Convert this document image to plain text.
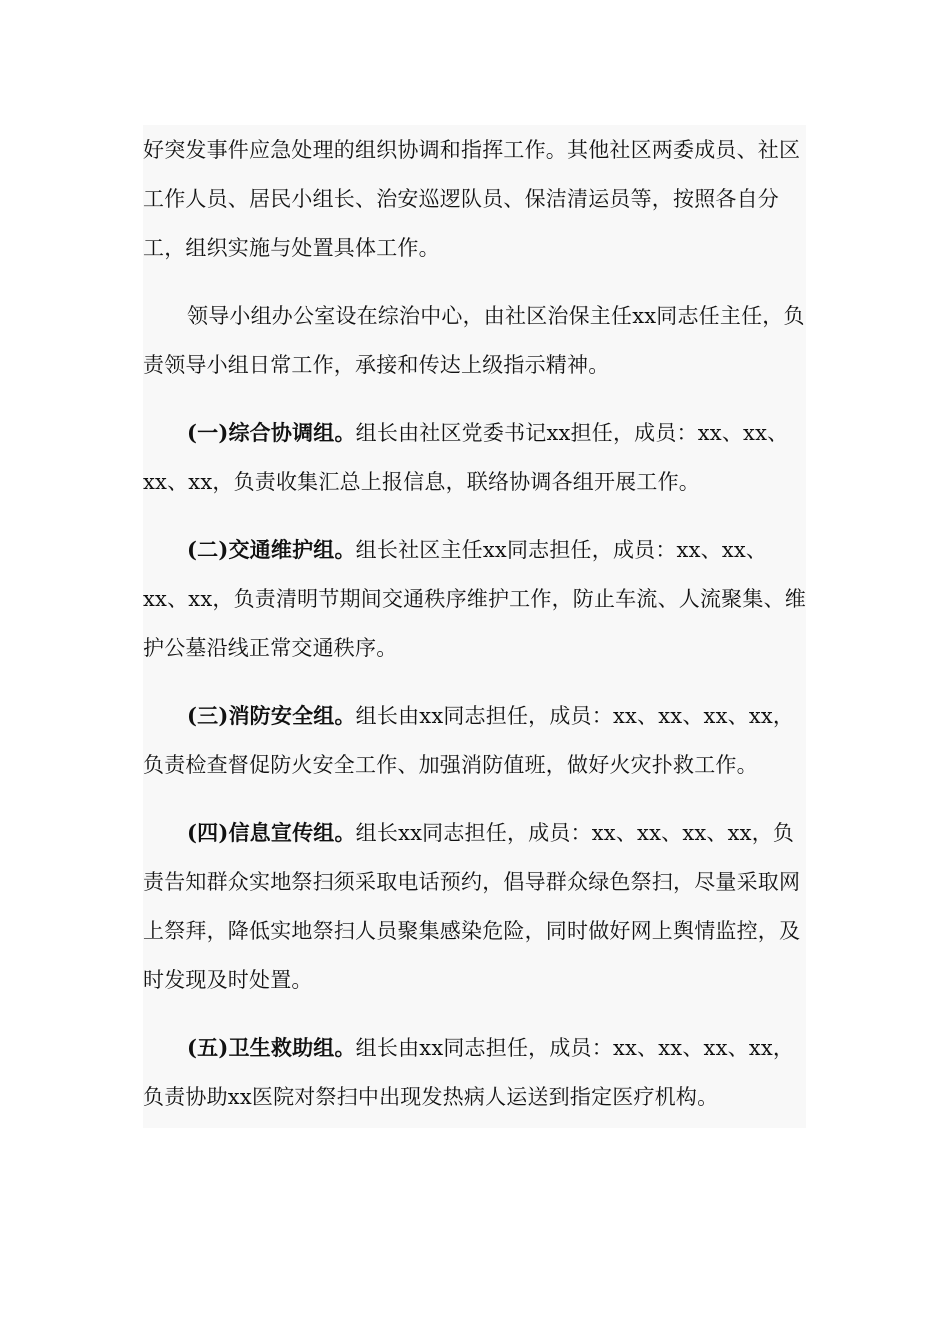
好突发事件应急处理的组织协调和指挥工作。其他社区两委成员、社区工作人员、居民小组长、治安巡逻队员、保洁清运员等，按照各自分工，组织实施与处置具体工作。

领导小组办公室设在综治中心，由社区治保主任xx同志任主任，负责领导小组日常工作，承接和传达上级指示精神。

(一)综合协调组。组长由社区党委书记xx担任，成员：xx、xx、xx、xx，负责收集汇总上报信息，联络协调各组开展工作。

(二)交通维护组。组长社区主任xx同志担任，成员：xx、xx、xx、xx，负责清明节期间交通秩序维护工作，防止车流、人流聚集、维护公墓沿线正常交通秩序。

(三)消防安全组。组长由xx同志担任，成员：xx、xx、xx、xx，负责检查督促防火安全工作、加强消防值班，做好火灾扑救工作。

(四)信息宣传组。组长xx同志担任，成员：xx、xx、xx、xx，负责告知群众实地祭扫须采取电话预约，倡导群众绿色祭扫，尽量采取网上祭拜，降低实地祭扫人员聚集感染危险，同时做好网上舆情监控，及时发现及时处置。

(五)卫生救助组。组长由xx同志担任，成员：xx、xx、xx、xx，负责协助xx医院对祭扫中出现发热病人运送到指定医疗机构。
